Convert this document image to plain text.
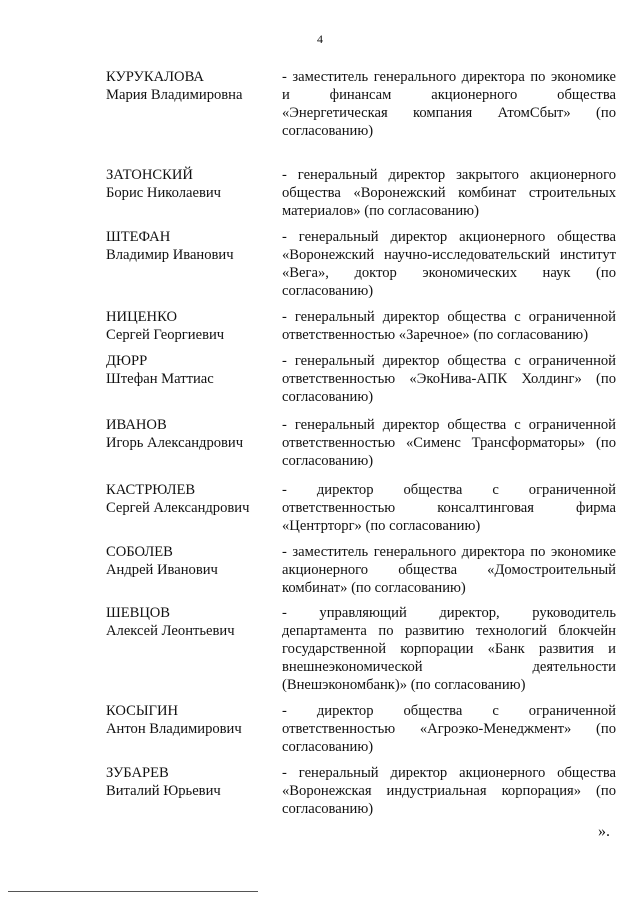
4
КУРУКАЛОВА
Мария Владимировна
- заместитель генерального директора по экономике и финансам акционерного общества «Энергетическая компания АтомСбыт» (по согласованию)
ЗАТОНСКИЙ
Борис Николаевич
- генеральный директор закрытого акционерного общества «Воронежский комбинат строительных материалов» (по согласованию)
ШТЕФАН
Владимир Иванович
- генеральный директор акционерного общества «Воронежский научно-исследовательский институт «Вега», доктор экономических наук (по согласованию)
НИЦЕНКО
Сергей Георгиевич
- генеральный директор общества с ограниченной ответственностью «Заречное» (по согласованию)
ДЮРР
Штефан Маттиас
- генеральный директор общества с ограниченной ответственностью «ЭкоНива-АПК Холдинг» (по согласованию)
ИВАНОВ
Игорь Александрович
- генеральный директор общества с ограниченной ответственностью «Сименс Трансформаторы» (по согласованию)
КАСТРЮЛЕВ
Сергей Александрович
- директор общества с ограниченной ответственностью консалтинговая фирма «Центрторг» (по согласованию)
СОБОЛЕВ
Андрей Иванович
- заместитель генерального директора по экономике акционерного общества «Домостроительный комбинат» (по согласованию)
ШЕВЦОВ
Алексей Леонтьевич
- управляющий директор, руководитель департамента по развитию технологий блокчейн государственной корпорации «Банк развития и внешнеэкономической деятельности (Внешэкономбанк)» (по согласованию)
КОСЫГИН
Антон Владимирович
- директор общества с ограниченной ответственностью «Агроэко-Менеджмент» (по согласованию)
ЗУБАРЕВ
Виталий Юрьевич
- генеральный директор акционерного общества «Воронежская индустриальная корпорация» (по согласованию)
».
